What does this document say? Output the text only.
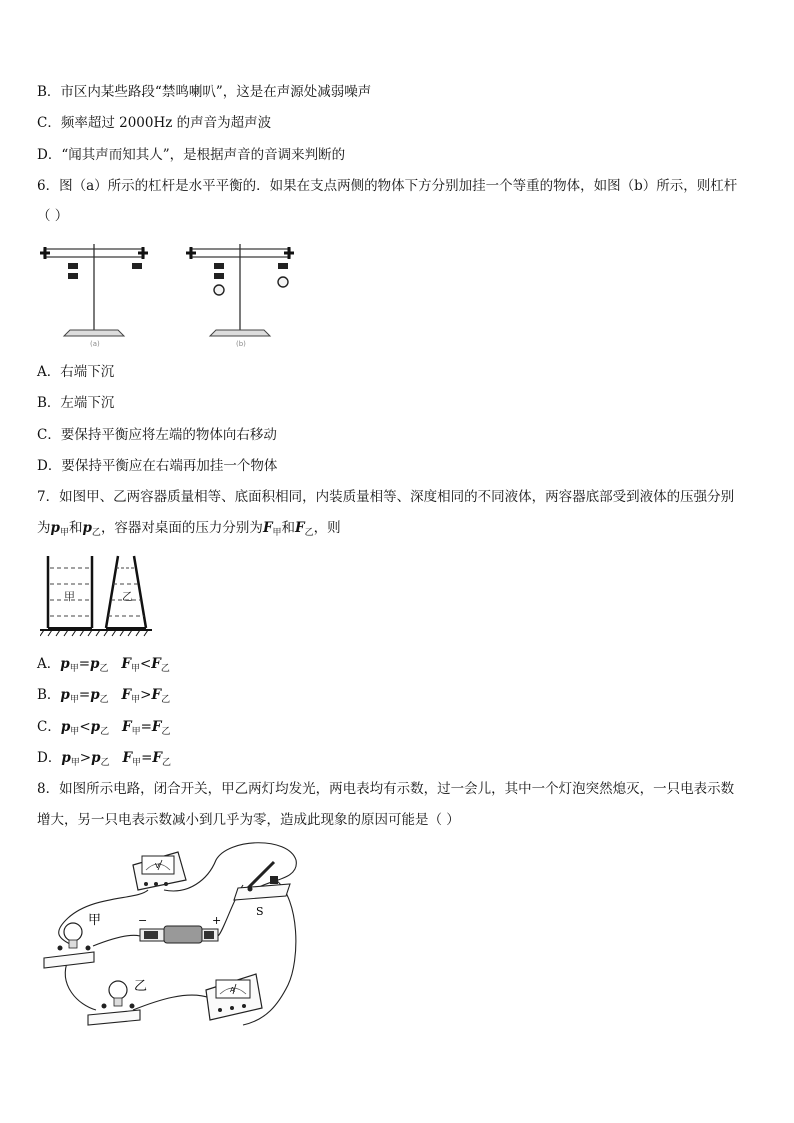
B．市区内某些路段“禁鸣喇叭”，这是在声源处减弱噪声
C．频率超过 2000Hz 的声音为超声波
D．“闻其声而知其人”，是根据声音的音调来判断的
6．图（a）所示的杠杆是水平平衡的．如果在支点两侧的物体下方分别加挂一个等重的物体，如图（b）所示，则杠杆
（ ）
(a)	(b)
A．右端下沉
B．左端下沉
C．要保持平衡应将左端的物体向右移动
D．要保持平衡应在右端再加挂一个物体
7．如图甲、乙两容器质量相等、底面积相同，内装质量相等、深度相同的不同液体，两容器底部受到液体的压强分别
为$p_甲$和$p_乙$，容器对桌面的压力分别为$F_甲$和$F_乙$，则
甲	乙
A．$p_甲=p_乙$ $F_甲<F_乙$
B．$p_甲=p_乙$ $F_甲>F_乙$
C．$p_甲<p_乙$ $F_甲=F_乙$
D．$p_甲>p_乙$ $F_甲=F_乙$
8．如图所示电路，闭合开关，甲乙两灯均发光，两电表均有示数，过一会儿，其中一个灯泡突然熄灭，一只电表示数
增大，另一只电表示数减小到几乎为零，造成此现象的原因可能是（ ）
V
S
−	+
甲
乙	A
